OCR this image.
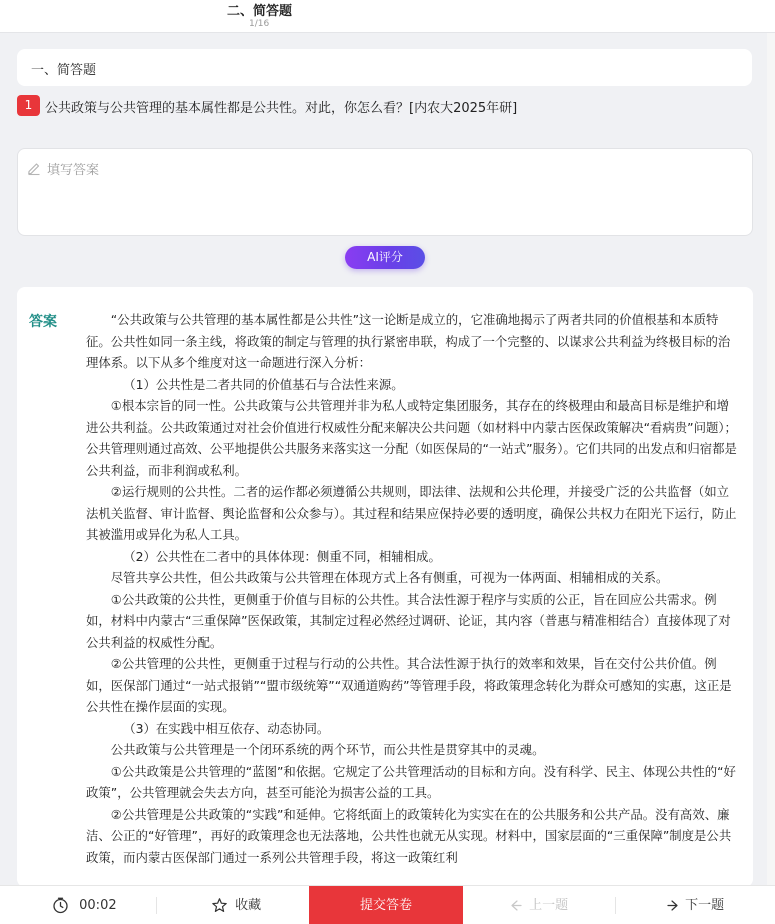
二、简答题
1/16
一、简答题
1 公共政策与公共管理的基本属性都是公共性。对此，你怎么看？[内农大2025年研]
填写答案
AI评分
答案	“公共政策与公共管理的基本属性都是公共性”这一论断是成立的，它准确地揭示了两者共同的价值根基和本质特征。公共性如同一条主线，将政策的制定与管理的执行紧密串联，构成了一个完整的、以谋求公共利益为终极目标的治理体系。以下从多个维度对这一命题进行深入分析：

（1）公共性是二者共同的价值基石与合法性来源。

①根本宗旨的同一性。公共政策与公共管理并非为私人或特定集团服务，其存在的终极理由和最高目标是维护和增进公共利益。公共政策通过对社会价值进行权威性分配来解决公共问题（如材料中内蒙古医保政策解决“看病贵”问题）；公共管理则通过高效、公平地提供公共服务来落实这一分配（如医保局的“一站式”服务）。它们共同的出发点和归宿都是公共利益，而非利润或私利。

②运行规则的公共性。二者的运作都必须遵循公共规则，即法律、法规和公共伦理，并接受广泛的公共监督（如立法机关监督、审计监督、舆论监督和公众参与）。其过程和结果应保持必要的透明度，确保公共权力在阳光下运行，防止其被滥用或异化为私人工具。

（2）公共性在二者中的具体体现：侧重不同，相辅相成。

尽管共享公共性，但公共政策与公共管理在体现方式上各有侧重，可视为一体两面、相辅相成的关系。

①公共政策的公共性，更侧重于价值与目标的公共性。其合法性源于程序与实质的公正，旨在回应公共需求。例如，材料中内蒙古“三重保障”医保政策，其制定过程必然经过调研、论证，其内容（普惠与精准相结合）直接体现了对公共利益的权威性分配。

②公共管理的公共性，更侧重于过程与行动的公共性。其合法性源于执行的效率和效果，旨在交付公共价值。例如，医保部门通过“一站式报销”“盟市级统筹”“双通道购药”等管理手段，将政策理念转化为群众可感知的实惠，这正是公共性在操作层面的实现。

（3）在实践中相互依存、动态协同。

公共政策与公共管理是一个闭环系统的两个环节，而公共性是贯穿其中的灵魂。

①公共政策是公共管理的“蓝图”和依据。它规定了公共管理活动的目标和方向。没有科学、民主、体现公共性的“好政策”，公共管理就会失去方向，甚至可能沦为损害公益的工具。

②公共管理是公共政策的“实践”和延伸。它将纸面上的政策转化为实实在在的公共服务和公共产品。没有高效、廉洁、公正的“好管理”，再好的政策理念也无法落地，公共性也就无从实现。材料中，国家层面的“三重保障”制度是公共政策，而内蒙古医保部门通过一系列公共管理手段，将这一政策红利

00:02	收藏	提交答卷	上一题	下一题
